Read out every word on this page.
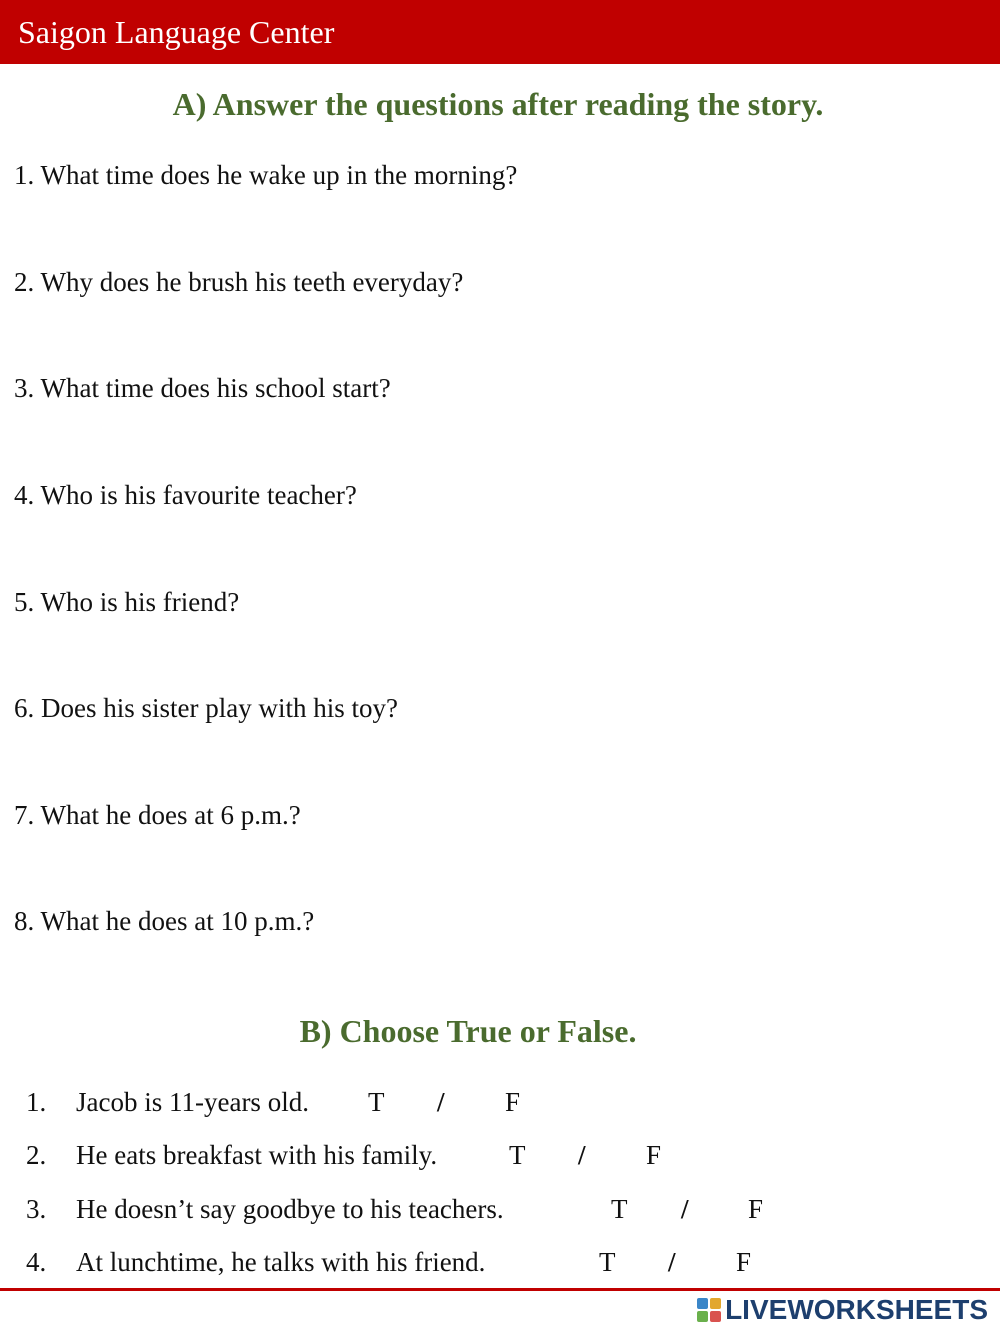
Saigon Language Center
A) Answer the questions after reading the story.
1. What time does he wake up in the morning?
2. Why does he brush his teeth everyday?
3. What time does his school start?
4. Who is his favourite teacher?
5. Who is his friend?
6. Does his sister play with his toy?
7. What he does at 6 p.m.?
8. What he does at 10 p.m.?
B) Choose True or False.
1. Jacob is 11-years old. T / F
2. He eats breakfast with his family.	T / F
3. He doesn’t say goodbye to his teachers.	T / F
4. At lunchtime, he talks with his friend.	T / F
LIVEWORKSHEETS
